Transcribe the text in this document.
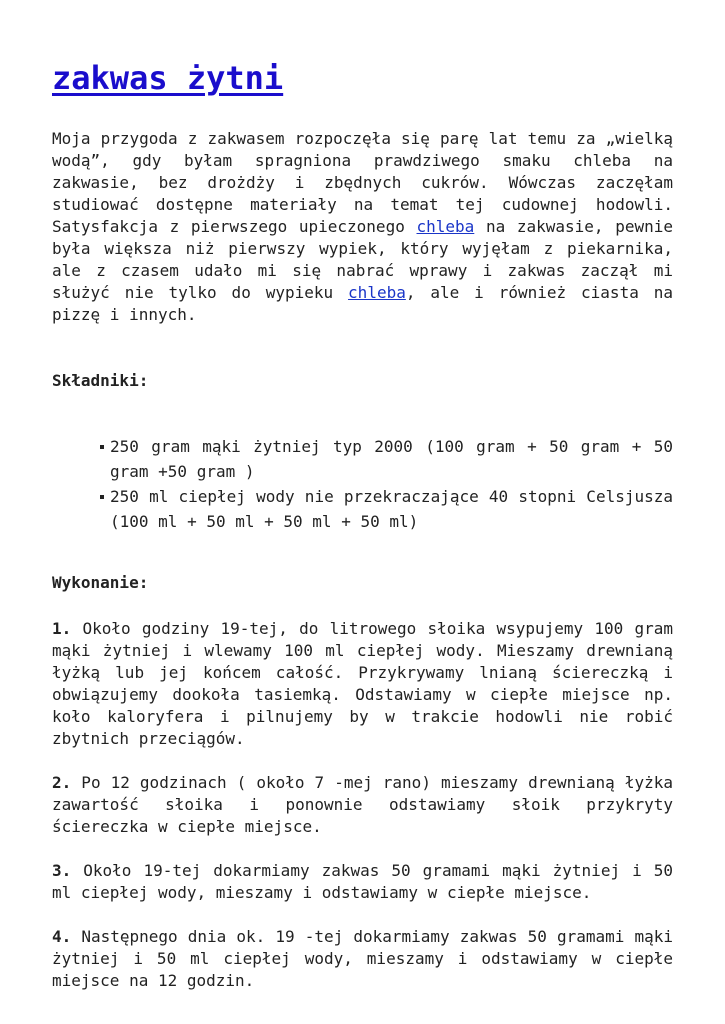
zakwas żytni

Moja przygoda z zakwasem rozpoczęła się parę lat temu za „wielką wodą”, gdy byłam spragniona prawdziwego smaku chleba na zakwasie, bez drożdży i zbędnych cukrów. Wówczas zaczęłam studiować dostępne materiały na temat tej cudownej hodowli. Satysfakcja z pierwszego upieczonego chleba na zakwasie, pewnie była większa niż pierwszy wypiek, który wyjęłam z piekarnika, ale z czasem udało mi się nabrać wprawy i zakwas zaczął mi służyć nie tylko do wypieku chleba, ale i również ciasta na pizzę i innych.

Składniki:

250 gram mąki żytniej typ 2000 (100 gram + 50 gram + 50 gram +50 gram )
250 ml ciepłej wody nie przekraczające 40 stopni Celsjusza (100 ml + 50 ml + 50 ml + 50 ml)

Wykonanie:

1. Około godziny 19-tej, do litrowego słoika wsypujemy 100 gram mąki żytniej i wlewamy 100 ml ciepłej wody. Mieszamy drewnianą łyżką lub jej końcem całość. Przykrywamy lnianą ściereczką i obwiązujemy dookoła tasiemką. Odstawiamy w ciepłe miejsce np. koło kaloryfera i pilnujemy by w trakcie hodowli nie robić zbytnich przeciągów.

2. Po 12 godzinach ( około 7 -mej rano) mieszamy drewnianą łyżka zawartość słoika i ponownie odstawiamy słoik przykryty ściereczka w ciepłe miejsce.

3. Około 19-tej dokarmiamy zakwas 50 gramami mąki żytniej i 50 ml ciepłej wody, mieszamy i odstawiamy w ciepłe miejsce.

4. Następnego dnia ok. 19 -tej dokarmiamy zakwas 50 gramami mąki żytniej i 50 ml ciepłej wody, mieszamy i odstawiamy w ciepłe miejsce na 12 godzin.
